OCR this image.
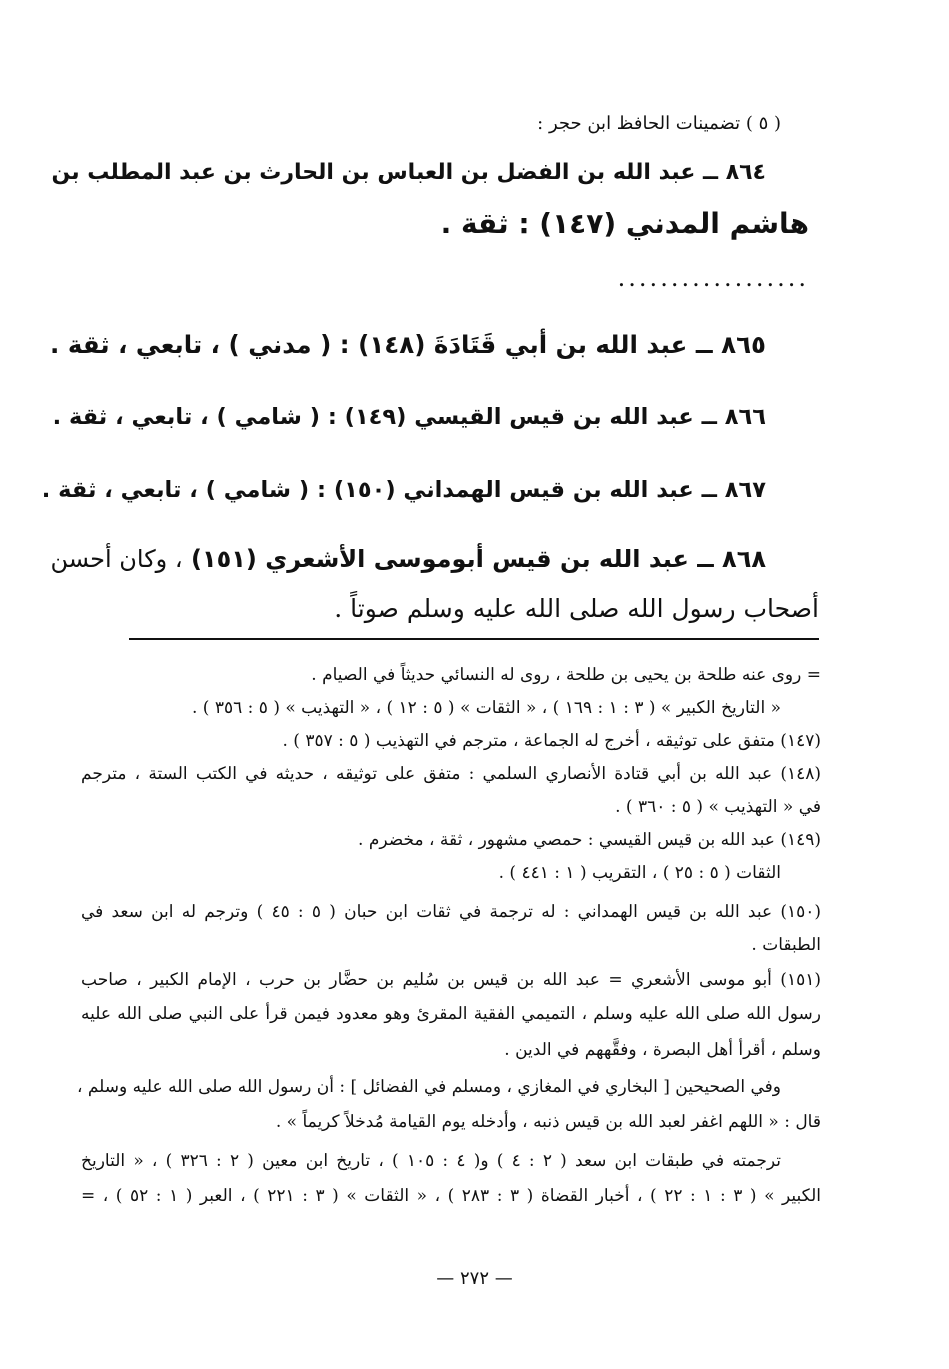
( ٥ ) تضمينات الحافظ ابن حجر :
٨٦٤ ــ عبد الله بن الفضل بن العباس بن الحارث بن عبد المطلب بن
هاشم المدني (١٤٧) : ثقة .
..................
٨٦٥ ــ عبد الله بن أبي قَتَادَةَ (١٤٨) : ( مدني ) ، تابعي ، ثقة .
٨٦٦ ــ عبد الله بن قيس القيسي (١٤٩) : ( شامي ) ، تابعي ، ثقة .
٨٦٧ ــ عبد الله بن قيس الهمداني (١٥٠) : ( شامي ) ، تابعي ، ثقة .
٨٦٨ ــ عبد الله بن قيس أبوموسى الأشعري (١٥١) ، وكان أحسن
أصحاب رسول الله صلى الله عليه وسلم صوتاً .
= روى عنه طلحة بن يحيى بن طلحة ، روى له النسائي حديثاً في الصيام .
« التاريخ الكبير » ( ٣ : ١ : ١٦٩ ) ، « الثقات » ( ٥ : ١٢ ) ، « التهذيب » ( ٥ : ٣٥٦ ) .
(١٤٧) متفق على توثيقه ، أخرج له الجماعة ، مترجم في التهذيب ( ٥ : ٣٥٧ ) .
(١٤٨) عبد الله بن أبي قتادة الأنصاري السلمي : متفق على توثيقه ، حديثه في الكتب الستة ، مترجم
في « التهذيب » ( ٥ : ٣٦٠ ) .
(١٤٩) عبد الله بن قيس القيسي : حمصي مشهور ، ثقة ، مخضرم .
الثقات ( ٥ : ٢٥ ) ، التقريب ( ١ : ٤٤١ ) .
(١٥٠) عبد الله بن قيس الهمداني : له ترجمة في ثقات ابن حبان ( ٥ : ٤٥ ) وترجم له ابن سعد في
الطبقات .
(١٥١) أبو موسى الأشعري = عبد الله بن قيس بن سُليم بن حضَّار بن حرب ، الإمام الكبير ، صاحب
رسول الله صلى الله عليه وسلم ، التميمي الفقية المقرئ وهو معدود فيمن قرأ على النبي صلى الله عليه
وسلم ، أقرأ أهل البصرة ، وفقَّههم في الدين .
وفي الصحيحين [ البخاري في المغازي ، ومسلم في الفضائل ] : أن رسول الله صلى الله عليه وسلم ،
قال : « اللهم اغفر لعبد الله بن قيس ذنبه ، وأدخله يوم القيامة مُدخلاً كريماً » .
ترجمته في طبقات ابن سعد ( ٢ : ٤ ) و( ٤ : ١٠٥ ) ، تاريخ ابن معين ( ٢ : ٣٢٦ ) ، « التاريخ
الكبير » ( ٣ : ١ : ٢٢ ) ، أخبار القضاة ( ٣ : ٢٨٣ ) ، « الثقات » ( ٣ : ٢٢١ ) ، العبر ( ١ : ٥٢ ) ، =
— ٢٧٢ —
